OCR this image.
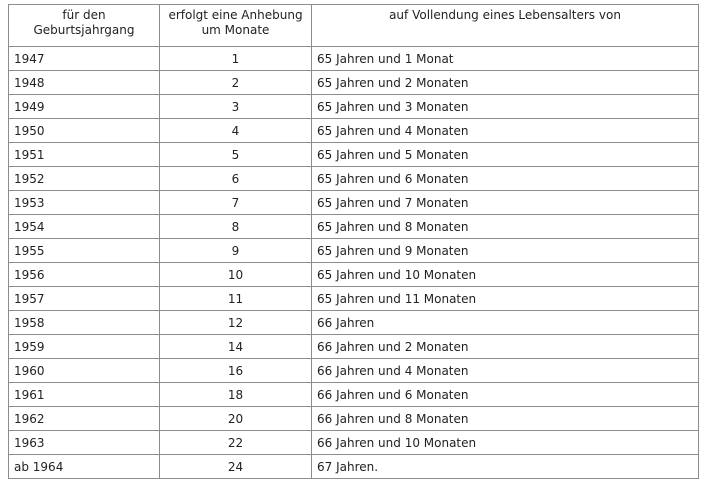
für den Geburtsjahrgang	erfolgt eine Anhebung um Monate	auf Vollendung eines Lebensalters von
1947	1	65 Jahren und 1 Monat
1948	2	65 Jahren und 2 Monaten
1949	3	65 Jahren und 3 Monaten
1950	4	65 Jahren und 4 Monaten
1951	5	65 Jahren und 5 Monaten
1952	6	65 Jahren und 6 Monaten
1953	7	65 Jahren und 7 Monaten
1954	8	65 Jahren und 8 Monaten
1955	9	65 Jahren und 9 Monaten
1956	10	65 Jahren und 10 Monaten
1957	11	65 Jahren und 11 Monaten
1958	12	66 Jahren
1959	14	66 Jahren und 2 Monaten
1960	16	66 Jahren und 4 Monaten
1961	18	66 Jahren und 6 Monaten
1962	20	66 Jahren und 8 Monaten
1963	22	66 Jahren und 10 Monaten
ab 1964	24	67 Jahren.
